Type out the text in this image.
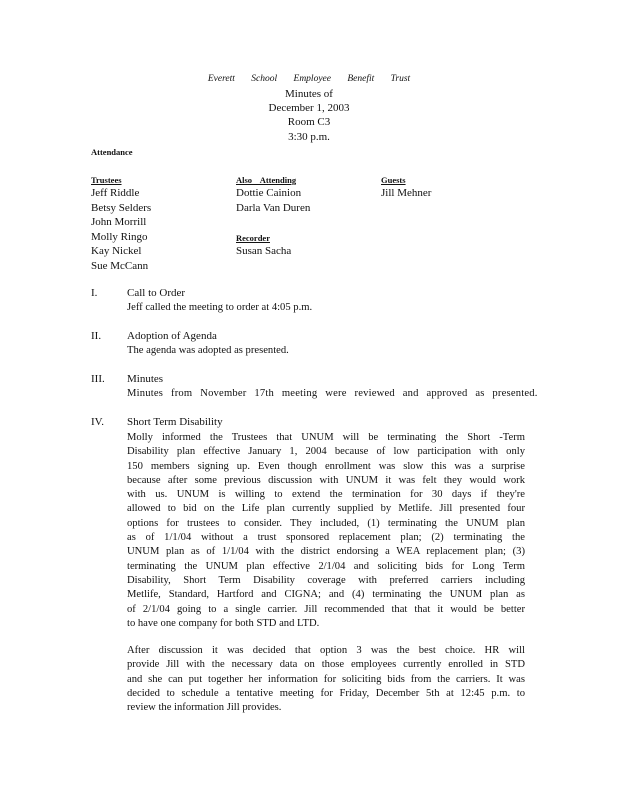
Everett School Employee Benefit Trust
Minutes of
December 1, 2003
Room C3
3:30 p.m.
Attendance
Trustees
Jeff Riddle
Betsy Selders
John Morrill
Molly Ringo
Kay Nickel
Sue McCann
Also Attending
Dottie Cainion
Darla Van Duren
Recorder
Susan Sacha
Guests
Jill Mehner
I.	Call to Order
Jeff called the meeting to order at 4:05 p.m.
II. Adoption of Agenda
The agenda was adopted as presented.
III. Minutes
Minutes from November 17th meeting were reviewed and approved as presented.
IV. Short Term Disability
Molly informed the Trustees that UNUM will be terminating the Short -Term
Disability plan effective January 1, 2004 because of low participation with only
150 members signing up. Even though enrollment was slow this was a surprise
because after some previous discussion with UNUM it was felt they would work
with us. UNUM is willing to extend the termination for 30 days if they're
allowed to bid on the Life plan currently supplied by Metlife. Jill presented four
options for trustees to consider. They included, (1) terminating the UNUM plan
as of 1/1/04 without a trust sponsored replacement plan; (2) terminating the
UNUM plan as of 1/1/04 with the district endorsing a WEA replacement plan; (3)
terminating the UNUM plan effective 2/1/04 and soliciting bids for Long Term
Disability, Short Term Disability coverage with preferred carriers including
Metlife, Standard, Hartford and CIGNA; and (4) terminating the UNUM plan as
of 2/1/04 going to a single carrier. Jill recommended that that it would be better
to have one company for both STD and LTD.
After discussion it was decided that option 3 was the best choice. HR will
provide Jill with the necessary data on those employees currently enrolled in STD
and she can put together her information for soliciting bids from the carriers. It was
decided to schedule a tentative meeting for Friday, December 5th at 12:45 p.m. to
review the information Jill provides.
